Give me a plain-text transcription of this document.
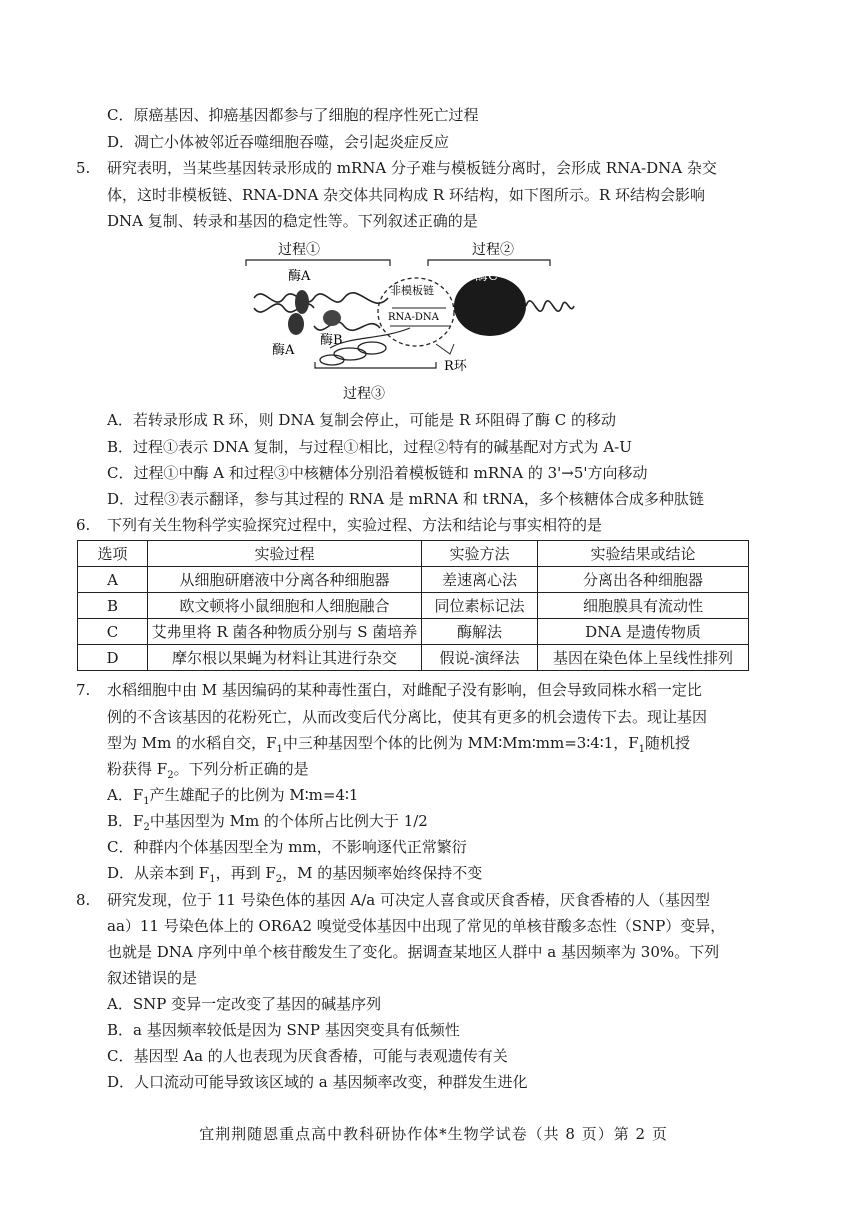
C．原癌基因、抑癌基因都参与了细胞的程序性死亡过程
D．凋亡小体被邻近吞噬细胞吞噬，会引起炎症反应
5. 研究表明，当某些基因转录形成的 mRNA 分子难与模板链分离时，会形成 RNA-DNA 杂交
体，这时非模板链、RNA-DNA 杂交体共同构成 R 环结构，如下图所示。R 环结构会影响
DNA 复制、转录和基因的稳定性等。下列叙述正确的是
过程①	过程②
过程③
酶A
酶A
酶B
非模板链
RNA-DNA
R环
酶C
A．若转录形成 R 环，则 DNA 复制会停止，可能是 R 环阻碍了酶 C 的移动
B．过程①表示 DNA 复制，与过程①相比，过程②特有的碱基配对方式为 A-U
C．过程①中酶 A 和过程③中核糖体分别沿着模板链和 mRNA 的 3'→5'方向移动
D．过程③表示翻译，参与其过程的 RNA 是 mRNA 和 tRNA，多个核糖体合成多种肽链
6. 下列有关生物科学实验探究过程中，实验过程、方法和结论与事实相符的是
选项	实验过程	实验方法	实验结果或结论
A	从细胞研磨液中分离各种细胞器	差速离心法	分离出各种细胞器
B	欧文顿将小鼠细胞和人细胞融合	同位素标记法	细胞膜具有流动性
C	艾弗里将 R 菌各种物质分别与 S 菌培养	酶解法	DNA 是遗传物质
D	摩尔根以果蝇为材料让其进行杂交	假说-演绎法	基因在染色体上呈线性排列
7. 水稻细胞中由 M 基因编码的某种毒性蛋白，对雌配子没有影响，但会导致同株水稻一定比
例的不含该基因的花粉死亡，从而改变后代分离比，使其有更多的机会遗传下去。现让基因
型为 Mm 的水稻自交，$F_1$中三种基因型个体的比例为 MM∶Mm∶mm=3∶4∶1，$F_1$随机授
粉获得 $F_2$。下列分析正确的是
A．$F_1$产生雄配子的比例为 M∶m=4∶1
B．$F_2$中基因型为 Mm 的个体所占比例大于 1/2
C．种群内个体基因型全为 mm，不影响逐代正常繁衍
D．从亲本到 $F_1$，再到 $F_2$，M 的基因频率始终保持不变
8. 研究发现，位于 11 号染色体的基因 A/a 可决定人喜食或厌食香椿，厌食香椿的人（基因型
aa）11 号染色体上的 OR6A2 嗅觉受体基因中出现了常见的单核苷酸多态性（SNP）变异，
也就是 DNA 序列中单个核苷酸发生了变化。据调查某地区人群中 a 基因频率为 30%。下列
叙述错误的是
A．SNP 变异一定改变了基因的碱基序列
B．a 基因频率较低是因为 SNP 基因突变具有低频性
C．基因型 Aa 的人也表现为厌食香椿，可能与表观遗传有关
D．人口流动可能导致该区域的 a 基因频率改变，种群发生进化
宜荆荆随恩重点高中教科研协作体*生物学试卷（共 8 页）第 2 页
